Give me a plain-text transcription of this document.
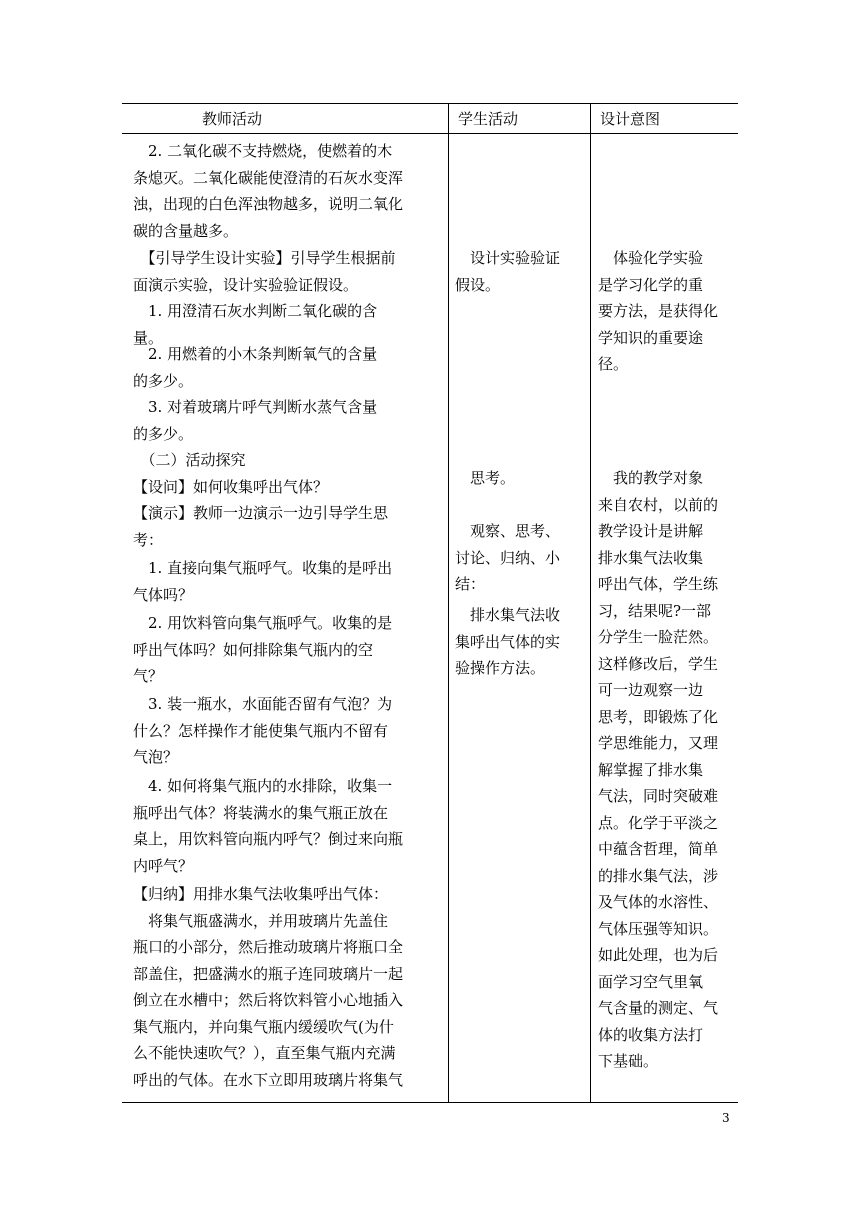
教师活动	学生活动	设计意图
　2. 二氧化碳不支持燃烧，使燃着的木
条熄灭。二氧化碳能使澄清的石灰水变浑
浊，出现的白色浑浊物越多，说明二氧化
碳的含量越多。
　【引导学生设计实验】引导学生根据前
面演示实验，设计实验验证假设。
　1. 用澄清石灰水判断二氧化碳的含
量。
　2. 用燃着的小木条判断氧气的含量
的多少。
　3. 对着玻璃片呼气判断水蒸气含量
的多少。
　（二）活动探究
【设问】如何收集呼出气体？
【演示】教师一边演示一边引导学生思
考：
　1. 直接向集气瓶呼气。收集的是呼出
气体吗？
　2. 用饮料管向集气瓶呼气。收集的是
呼出气体吗？如何排除集气瓶内的空
气？
　3. 装一瓶水，水面能否留有气泡？为
什么？怎样操作才能使集气瓶内不留有
气泡？
　4. 如何将集气瓶内的水排除，收集一
瓶呼出气体？将装满水的集气瓶正放在
桌上，用饮料管向瓶内呼气？倒过来向瓶
内呼气？
【归纳】用排水集气法收集呼出气体：
　将集气瓶盛满水，并用玻璃片先盖住
瓶口的小部分，然后推动玻璃片将瓶口全
部盖住，把盛满水的瓶子连同玻璃片一起
倒立在水槽中；然后将饮料管小心地插入
集气瓶内，并向集气瓶内缓缓吹气(为什
么不能快速吹气？），直至集气瓶内充满
呼出的气体。在水下立即用玻璃片将集气
　设计实验验证
假设。
　思考。
　观察、思考、
讨论、归纳、小
结：
　排水集气法收
集呼出气体的实
验操作方法。
　体验化学实验
是学习化学的重
要方法，是获得化
学知识的重要途
径。
　我的教学对象
来自农村，以前的
教学设计是讲解
排水集气法收集
呼出气体，学生练
习，结果呢?一部
分学生一脸茫然。
这样修改后，学生
可一边观察一边
思考，即锻炼了化
学思维能力，又理
解掌握了排水集
气法，同时突破难
点。化学于平淡之
中蕴含哲理，简单
的排水集气法，涉
及气体的水溶性、
气体压强等知识。
如此处理，也为后
面学习空气里氧
气含量的测定、气
体的收集方法打
下基础。
3
